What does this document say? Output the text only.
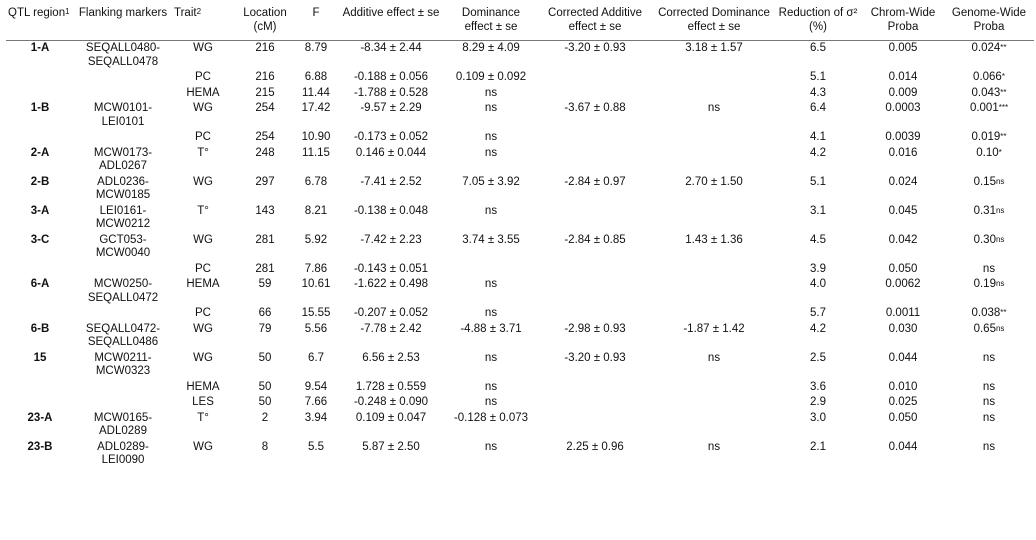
QTL region$^1$	Flanking markers	Trait$^2$	Location (cM)	F	Additive effect ± se	Dominance effect ± se	Corrected Additive effect ± se	Corrected Dominance effect ± se	Reduction of σ² (%)	Chrom-Wide Proba	Genome-Wide Proba
1-A	SEQALL0480-SEQALL0478	WG	216	8.79	-8.34 ± 2.44	8.29 ± 4.09	-3.20 ± 0.93	3.18 ± 1.57	6.5	0.005	0.024**
		PC	216	6.88	-0.188 ± 0.056	0.109 ± 0.092			5.1	0.014	0.066*
		HEMA	215	11.44	-1.788 ± 0.528	ns			4.3	0.009	0.043**
1-B	MCW0101-LEI0101	WG	254	17.42	-9.57 ± 2.29	ns	-3.67 ± 0.88	ns	6.4	0.0003	0.001***
		PC	254	10.90	-0.173 ± 0.052	ns			4.1	0.0039	0.019**
2-A	MCW0173-ADL0267	T°	248	11.15	0.146 ± 0.044	ns			4.2	0.016	0.10*
2-B	ADL0236-MCW0185	WG	297	6.78	-7.41 ± 2.52	7.05 ± 3.92	-2.84 ± 0.97	2.70 ± 1.50	5.1	0.024	$0.15^{ns}$
3-A	LEI0161-MCW0212	T°	143	8.21	-0.138 ± 0.048	ns			3.1	0.045	$0.31^{ns}$
3-C	GCT053-MCW0040	WG	281	5.92	-7.42 ± 2.23	3.74 ± 3.55	-2.84 ± 0.85	1.43 ± 1.36	4.5	0.042	$0.30^{ns}$
		PC	281	7.86	-0.143 ± 0.051				3.9	0.050	ns
6-A	MCW0250-SEQALL0472	HEMA	59	10.61	-1.622 ± 0.498	ns			4.0	0.0062	$0.19^{ns}$
		PC	66	15.55	-0.207 ± 0.052	ns			5.7	0.0011	0.038**
6-B	SEQALL0472-SEQALL0486	WG	79	5.56	-7.78 ± 2.42	-4.88 ± 3.71	-2.98 ± 0.93	-1.87 ± 1.42	4.2	0.030	$0.65^{ns}$
15	MCW0211-MCW0323	WG	50	6.7	6.56 ± 2.53	ns	-3.20 ± 0.93	ns	2.5	0.044	ns
		HEMA	50	9.54	1.728 ± 0.559	ns			3.6	0.010	ns
		LES	50	7.66	-0.248 ± 0.090	ns			2.9	0.025	ns
23-A	MCW0165-ADL0289	T°	2	3.94	0.109 ± 0.047	-0.128 ± 0.073			3.0	0.050	ns
23-B	ADL0289-LEI0090	WG	8	5.5	5.87 ± 2.50	ns	2.25 ± 0.96	ns	2.1	0.044	ns
